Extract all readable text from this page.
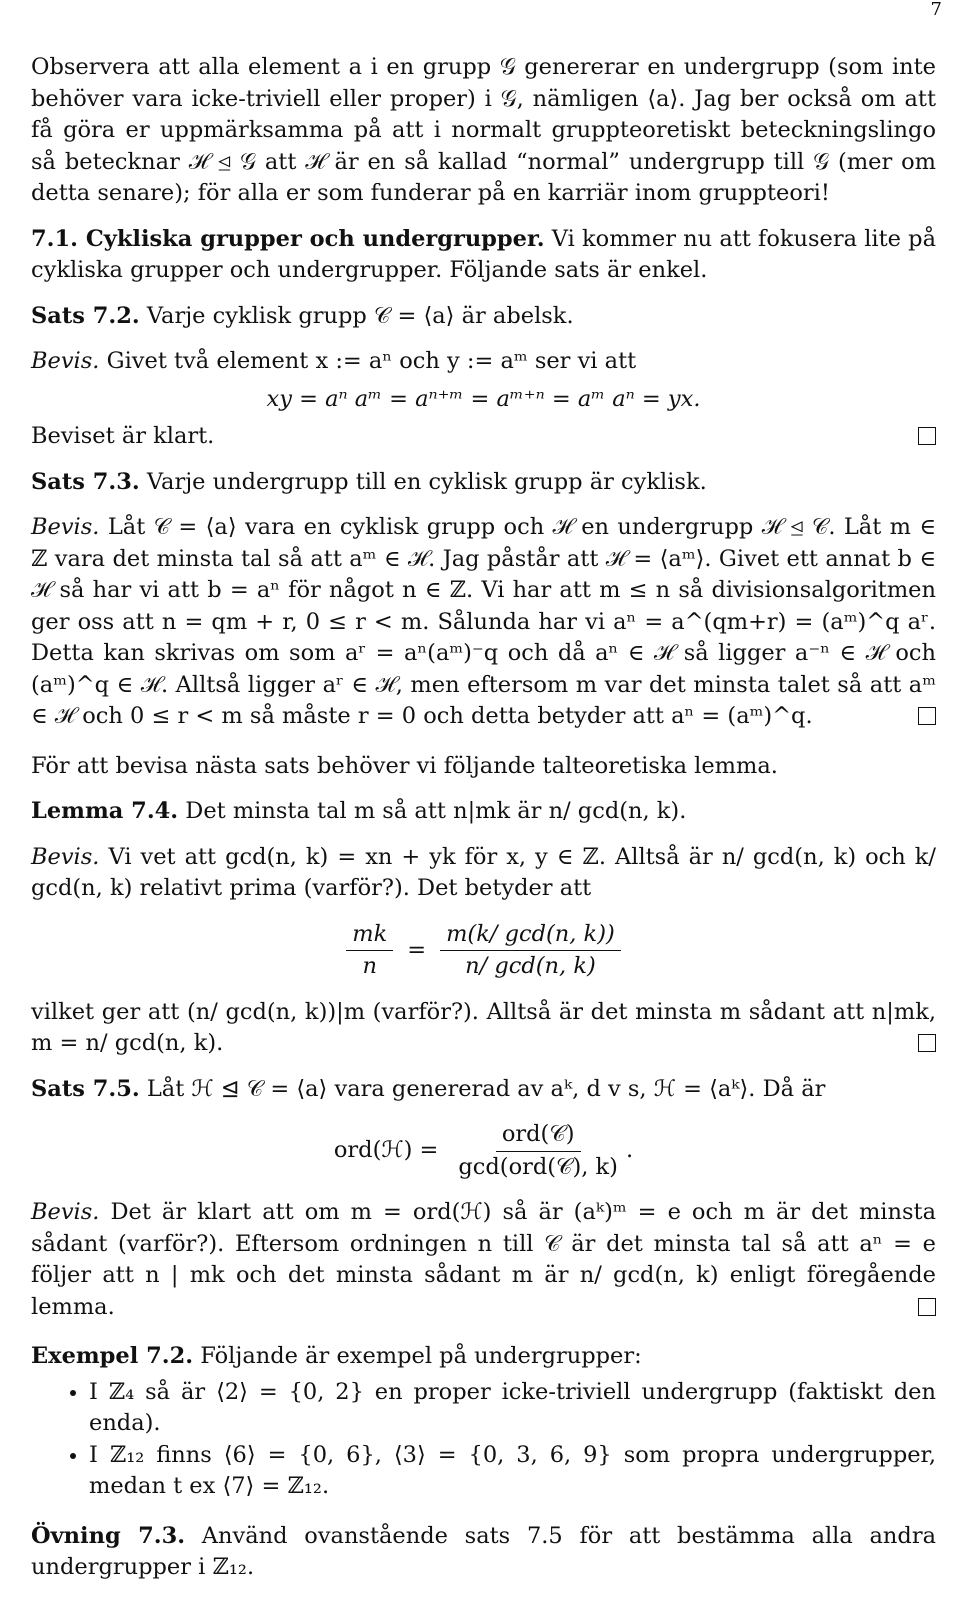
7

Observera att alla element a i en grupp 𝒢 genererar en undergrupp (som inte behöver vara icke-triviell eller proper) i 𝒢, nämligen ⟨a⟩. Jag ber också om att få göra er uppmärksamma på att i normalt gruppteoretiskt beteckningslingo så betecknar ℋ ⊴ 𝒢 att ℋ är en så kallad “normal” undergrupp till 𝒢 (mer om detta senare); för alla er som funderar på en karriär inom gruppteori!

7.1. Cykliska grupper och undergrupper. Vi kommer nu att fokusera lite på cykliska grupper och undergrupper. Följande sats är enkel.

Sats 7.2. Varje cyklisk grupp 𝒞 = ⟨a⟩ är abelsk.

Bevis. Givet två element x := aⁿ och y := aᵐ ser vi att

xy = aⁿ aᵐ = aⁿ⁺ᵐ = aᵐ⁺ⁿ = aᵐ aⁿ = yx.

Beviset är klart.

Sats 7.3. Varje undergrupp till en cyklisk grupp är cyklisk.

Bevis. Låt 𝒞 = ⟨a⟩ vara en cyklisk grupp och ℋ en undergrupp ℋ ⊴ 𝒞. Låt m ∈ ℤ vara det minsta tal så att aᵐ ∈ ℋ. Jag påstår att ℋ = ⟨aᵐ⟩. Givet ett annat b ∈ ℋ så har vi att b = aⁿ för något n ∈ ℤ. Vi har att m ≤ n så divisionsalgoritmen ger oss att n = qm + r, 0 ≤ r < m. Sålunda har vi aⁿ = a^(qm+r) = (aᵐ)^q aʳ. Detta kan skrivas om som aʳ = aⁿ(aᵐ)⁻q och då aⁿ ∈ ℋ så ligger a⁻ⁿ ∈ ℋ och (aᵐ)^q ∈ ℋ. Alltså ligger aʳ ∈ ℋ, men eftersom m var det minsta talet så att aᵐ ∈ ℋ och 0 ≤ r < m så måste r = 0 och detta betyder att aⁿ = (aᵐ)^q.

För att bevisa nästa sats behöver vi följande talteoretiska lemma.

Lemma 7.4. Det minsta tal m så att n|mk är n/ gcd(n, k).

Bevis. Vi vet att gcd(n, k) = xn + yk för x, y ∈ ℤ. Alltså är n/ gcd(n, k) och k/ gcd(n, k) relativt prima (varför?). Det betyder att

$\frac{mk}{n} = \frac{m(k/ \gcd(n, k))}{n/ \gcd(n, k)}$

vilket ger att (n/ gcd(n, k))|m (varför?). Alltså är det minsta m sådant att n|mk, m = n/ gcd(n, k).

Sats 7.5. Låt ℋ ⊴ 𝒞 = ⟨a⟩ vara genererad av aᵏ, d v s, ℋ = ⟨aᵏ⟩. Då är

ord(ℋ) = $\frac{\text{ord(𝒞)}}{\text{gcd(ord(𝒞), k)}}$ .

Bevis. Det är klart att om m = ord(ℋ) så är (aᵏ)ᵐ = e och m är det minsta sådant (varför?). Eftersom ordningen n till 𝒞 är det minsta tal så att aⁿ = e följer att n | mk och det minsta sådant m är n/ gcd(n, k) enligt föregående lemma.

Exempel 7.2. Följande är exempel på undergrupper:

• I ℤ₄ så är ⟨2⟩ = {0, 2} en proper icke-triviell undergrupp (faktiskt den enda).
• I ℤ₁₂ finns ⟨6⟩ = {0, 6}, ⟨3⟩ = {0, 3, 6, 9} som propra undergrupper, medan t ex ⟨7⟩ = ℤ₁₂.

Övning 7.3. Använd ovanstående sats 7.5 för att bestämma alla andra undergrupper i ℤ₁₂.
